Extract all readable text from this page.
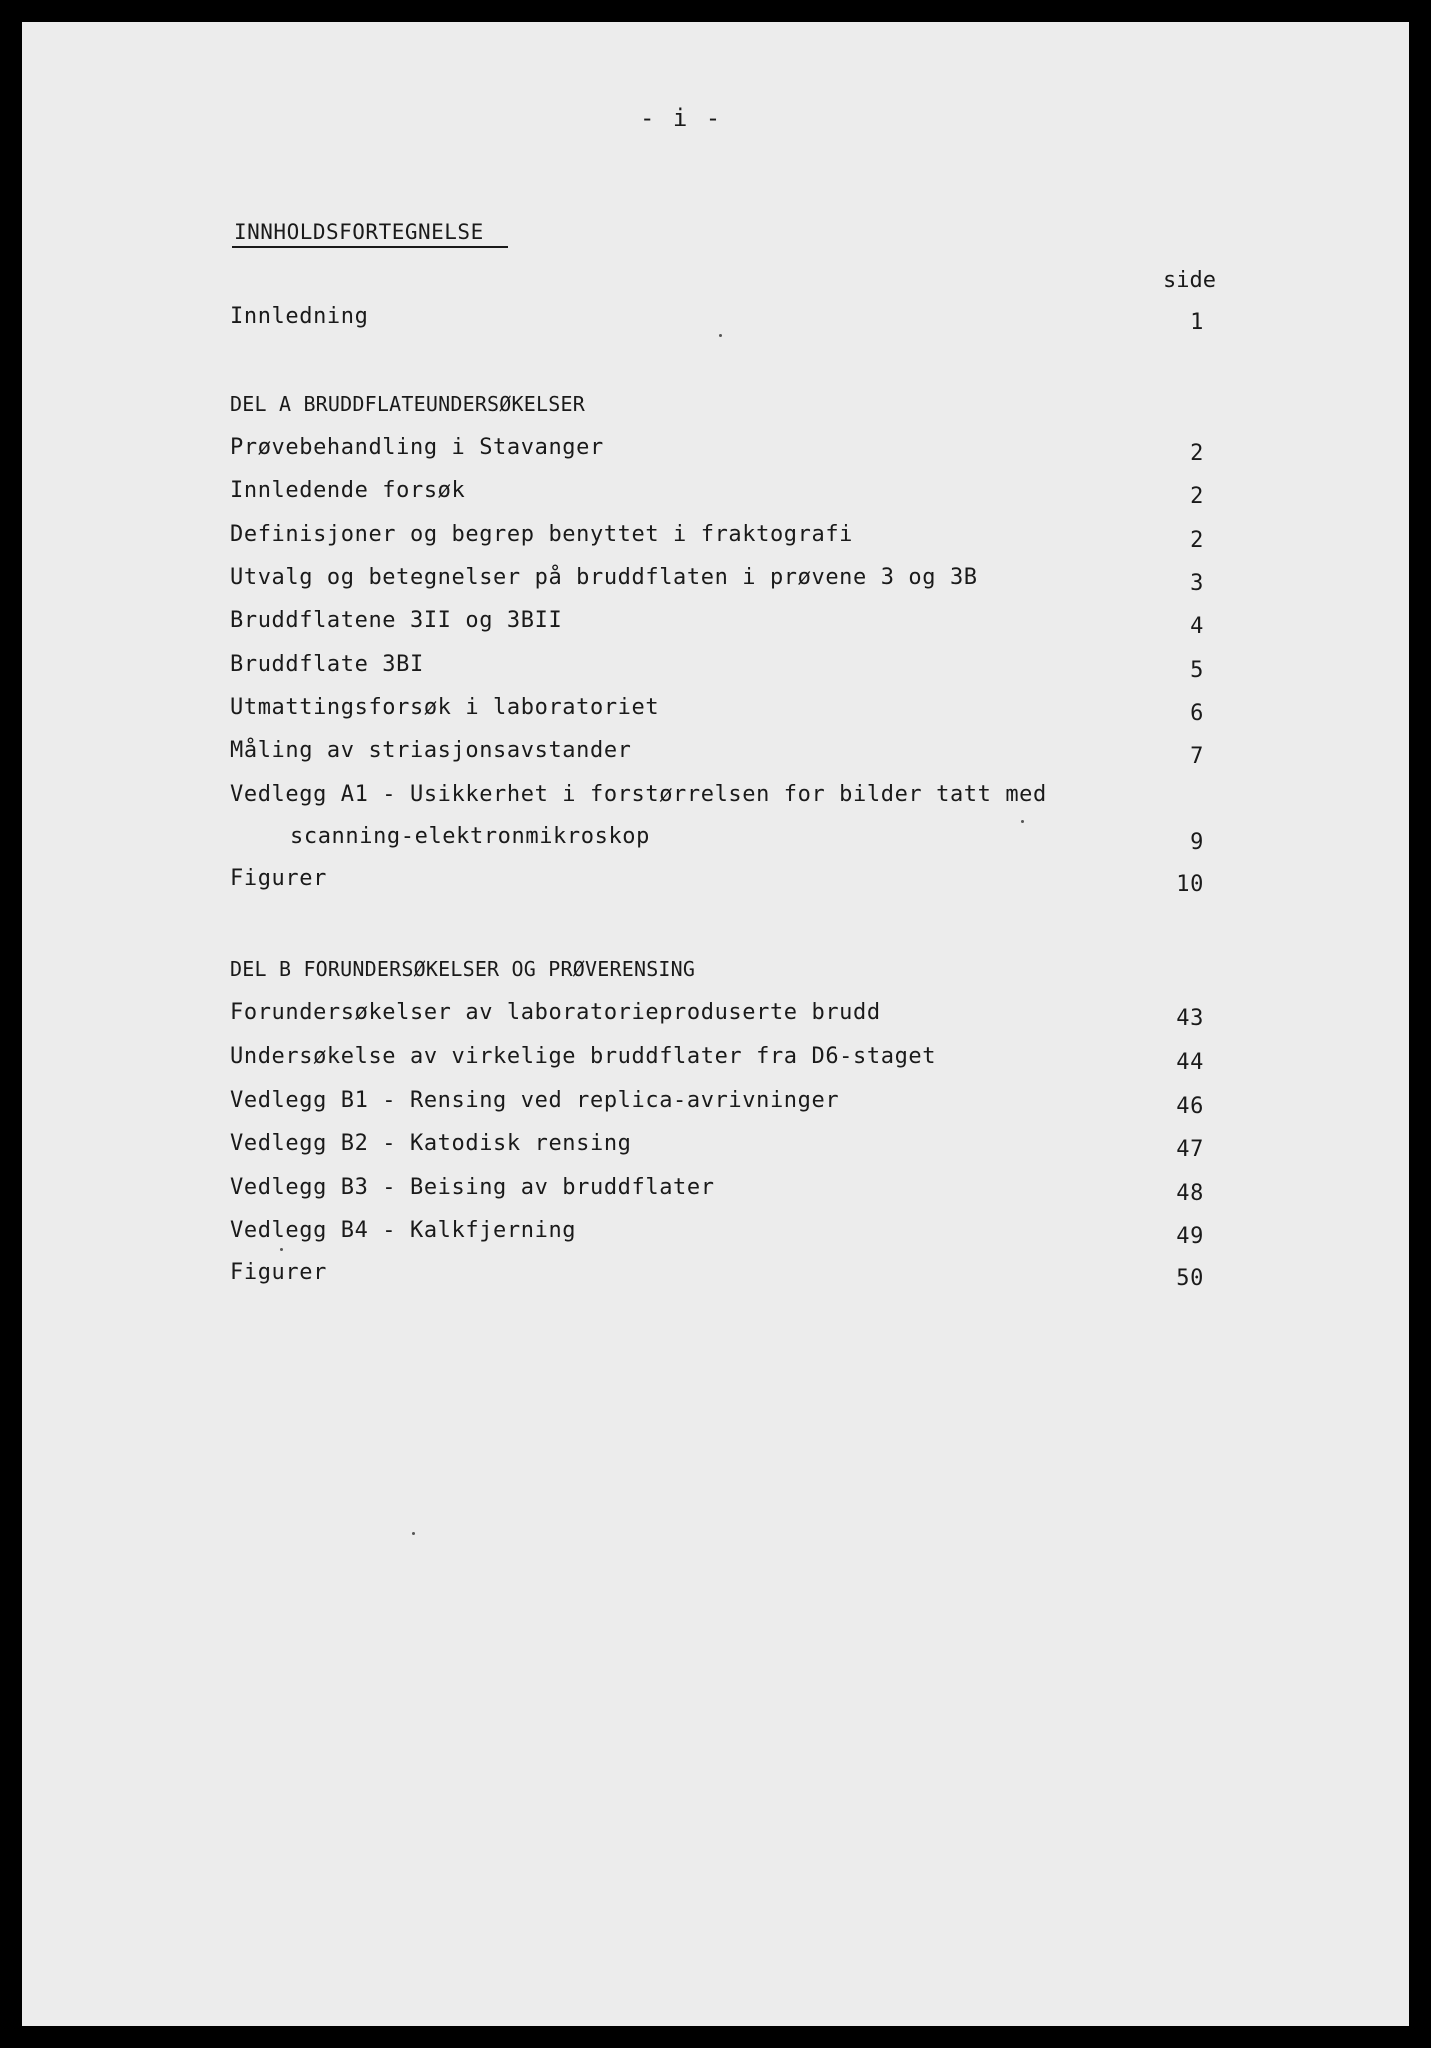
- i -
INNHOLDSFORTEGNELSE
side
Innledning	1
DEL A BRUDDFLATEUNDERSØKELSER
Prøvebehandling i Stavanger	2
Innledende forsøk	2
Definisjoner og begrep benyttet i fraktografi	2
Utvalg og betegnelser på bruddflaten i prøvene 3 og 3B	3
Bruddflatene 3II og 3BII	4
Bruddflate 3BI	5
Utmattingsforsøk i laboratoriet	6
Måling av striasjonsavstander	7
Vedlegg A1 - Usikkerhet i forstørrelsen for bilder tatt med
scanning-elektronmikroskop	9
Figurer	10
DEL B FORUNDERSØKELSER OG PRØVERENSING
Forundersøkelser av laboratorieproduserte brudd	43
Undersøkelse av virkelige bruddflater fra D6-staget	44
Vedlegg B1 - Rensing ved replica-avrivninger	46
Vedlegg B2 - Katodisk rensing	47
Vedlegg B3 - Beising av bruddflater	48
Vedlegg B4 - Kalkfjerning	49
Figurer	50
